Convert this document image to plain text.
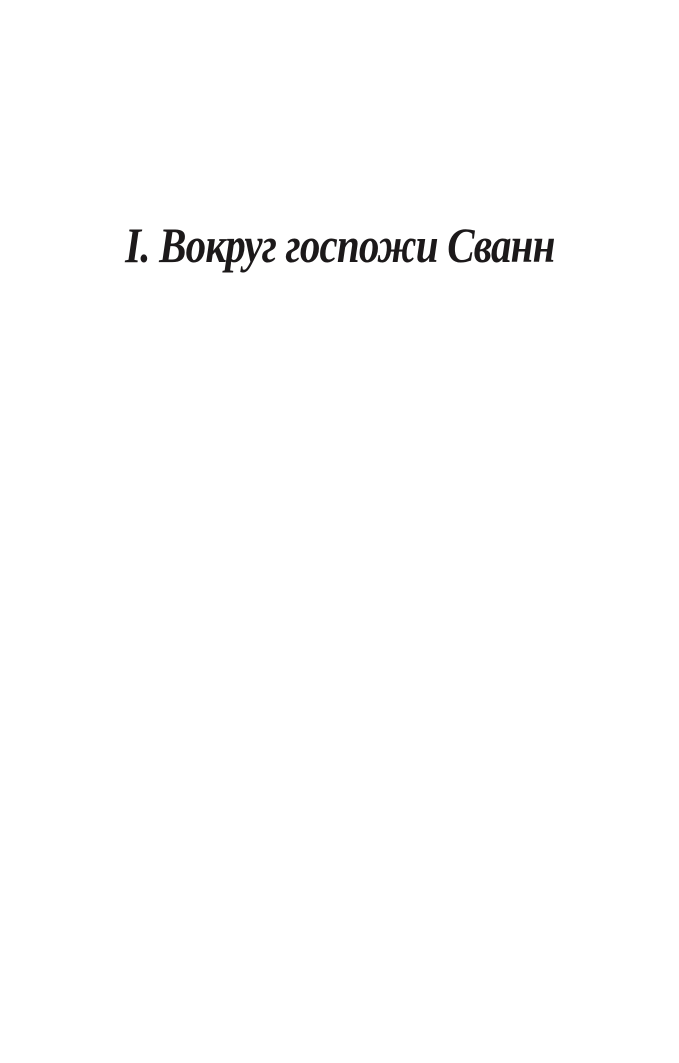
I. Вокруг госпожи Сванн
